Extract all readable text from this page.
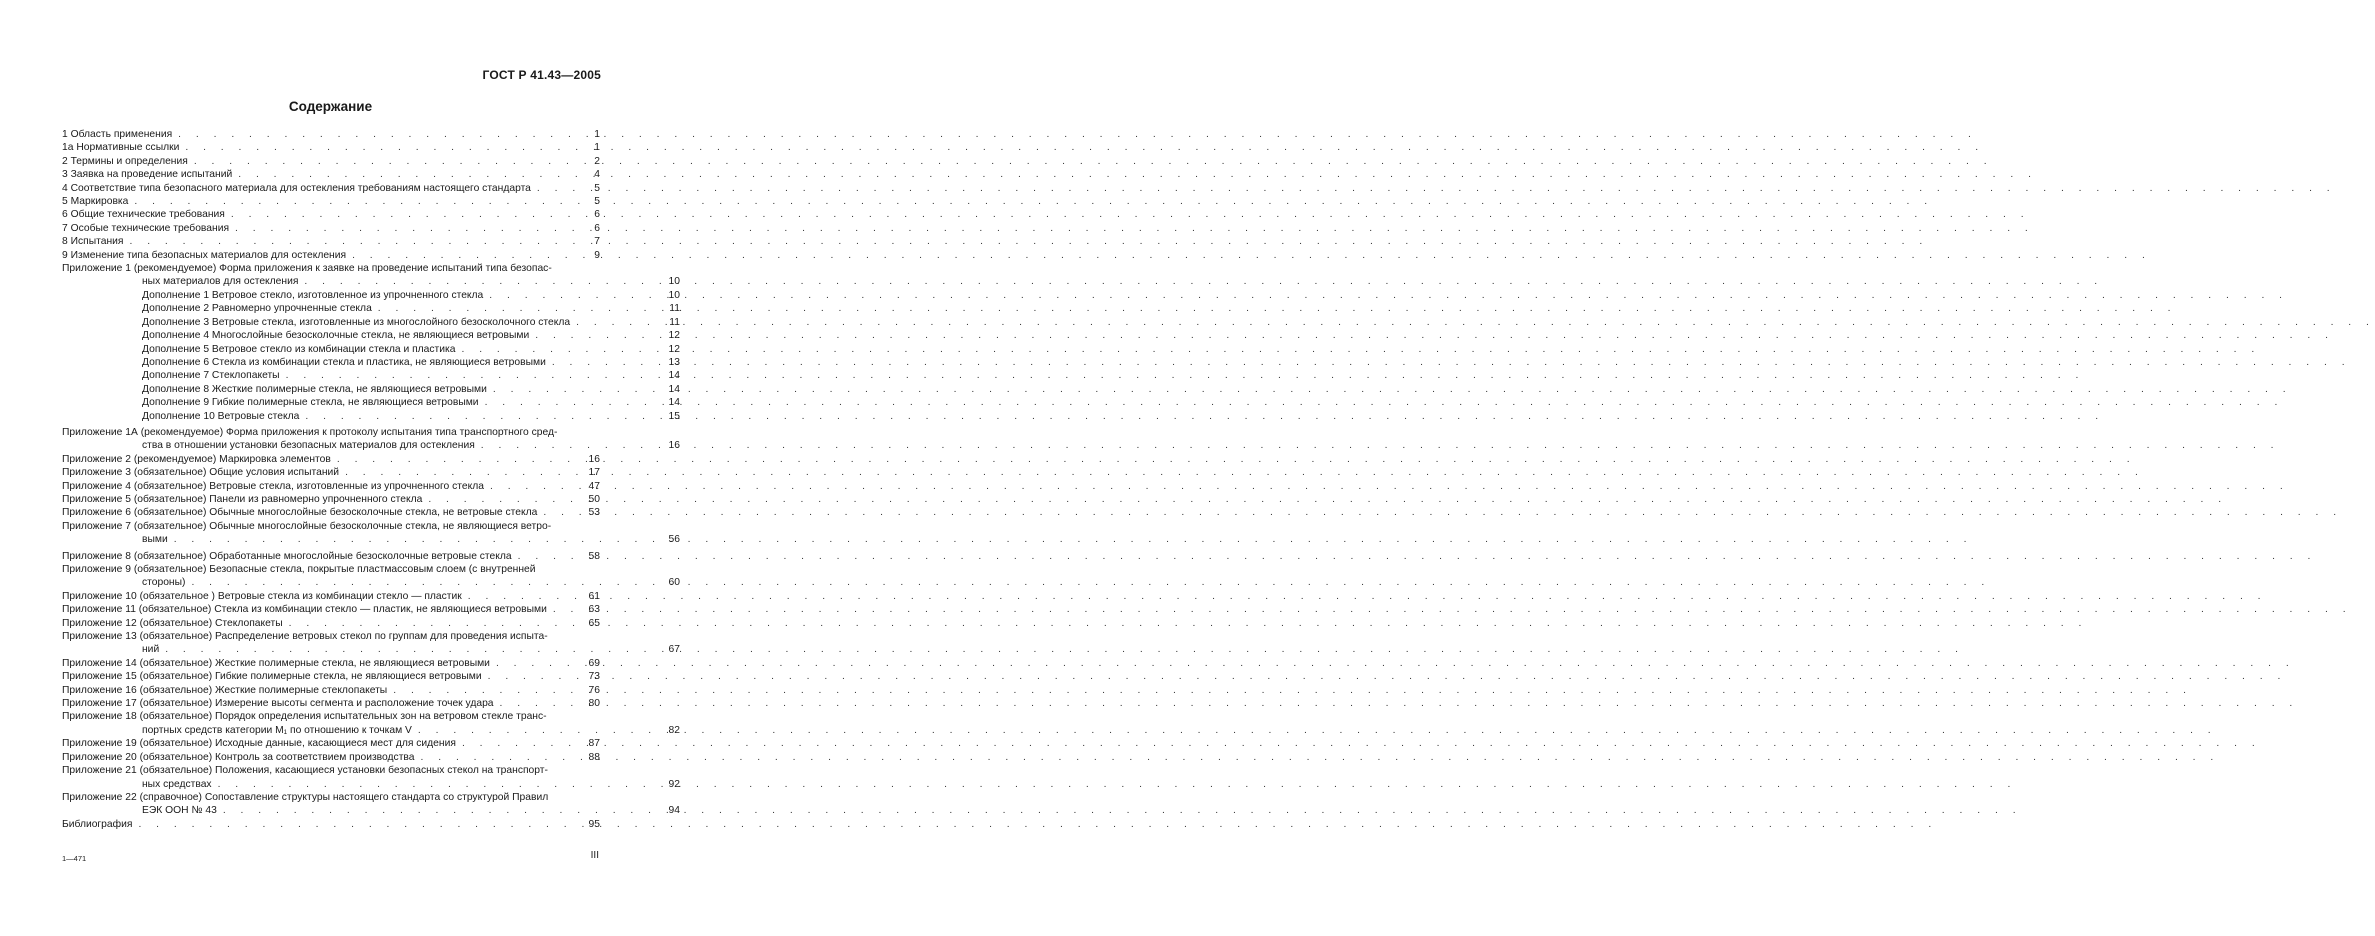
ГОСТ Р 41.43—2005
Содержание
1 Область применения . . .	1
1а Нормативные ссылки . . .	1
2 Термины и определения . . .	2
3 Заявка на проведение испытаний . . .	4
4 Соответствие типа безопасного материала для остекления требованиям настоящего стандарта . . .	5
5 Маркировка . . .	5
6 Общие технические требования . . .	6
7 Особые технические требования . . .	6
8 Испытания . . .	7
9 Изменение типа безопасных материалов для остекления . . .	9
Приложение 1 (рекомендуемое) Форма приложения к заявке на проведение испытаний типа безопас-
ных материалов для остекления . . .	10
Дополнение 1 Ветровое стекло, изготовленное из упрочненного стекла . . .	10
Дополнение 2 Равномерно упрочненные стекла . . .	11
Дополнение 3 Ветровые стекла, изготовленные из многослойного безосколочного стекла . . .	11
Дополнение 4 Многослойные безосколочные стекла, не являющиеся ветровыми . . .	12
Дополнение 5 Ветровое стекло из комбинации стекла и пластика . . .	12
Дополнение 6 Стекла из комбинации стекла и пластика, не являющиеся ветровыми . . .	13
Дополнение 7 Стеклопакеты . . .	14
Дополнение 8 Жесткие полимерные стекла, не являющиеся ветровыми . . .	14
Дополнение 9 Гибкие полимерные стекла, не являющиеся ветровыми . . .	14
Дополнение 10 Ветровые стекла . . .	15
Приложение 1А (рекомендуемое) Форма приложения к протоколу испытания типа транспортного сред-
ства в отношении установки безопасных материалов для остекления . . .	16
Приложение 2 (рекомендуемое) Маркировка элементов . . .	16
Приложение 3 (обязательное) Общие условия испытаний . . .	17
Приложение 4 (обязательное) Ветровые стекла, изготовленные из упрочненного стекла . . .	47
Приложение 5 (обязательное) Панели из равномерно упрочненного стекла . . .	50
Приложение 6 (обязательное) Обычные многослойные безосколочные стекла, не ветровые стекла . . .	53
Приложение 7 (обязательное) Обычные многослойные безосколочные стекла, не являющиеся ветро-
выми . . .	56
Приложение 8 (обязательное) Обработанные многослойные безосколочные ветровые стекла . . .	58
Приложение 9 (обязательное) Безопасные стекла, покрытые пластмассовым слоем (с внутренней
стороны) . . .	60
Приложение 10 (обязательное ) Ветровые стекла из комбинации стекло — пластик . . .	61
Приложение 11 (обязательное) Стекла из комбинации стекло — пластик, не являющиеся ветровыми . . .	63
Приложение 12 (обязательное) Стеклопакеты . . .	65
Приложение 13 (обязательное) Распределение ветровых стекол по группам для проведения испыта-
ний . . .	67
Приложение 14 (обязательное) Жесткие полимерные стекла, не являющиеся ветровыми . . .	69
Приложение 15 (обязательное) Гибкие полимерные стекла, не являющиеся ветровыми . . .	73
Приложение 16 (обязательное) Жесткие полимерные стеклопакеты . . .	76
Приложение 17 (обязательное) Измерение высоты сегмента и расположение точек удара . . .	80
Приложение 18 (обязательное) Порядок определения испытательных зон на ветровом стекле транс-
портных средств категории M₁ по отношению к точкам V . . .	82
Приложение 19 (обязательное) Исходные данные, касающиеся мест для сидения . . .	87
Приложение 20 (обязательное) Контроль за соответствием производства . . .	88
Приложение 21 (обязательное) Положения, касающиеся установки безопасных стекол на транспорт-
ных средствах . . .	92
Приложение 22 (справочное) Сопоставление структуры настоящего стандарта со структурой Правил
ЕЭК ООН № 43 . . .	94
Библиография . . .	95
1—471	III
